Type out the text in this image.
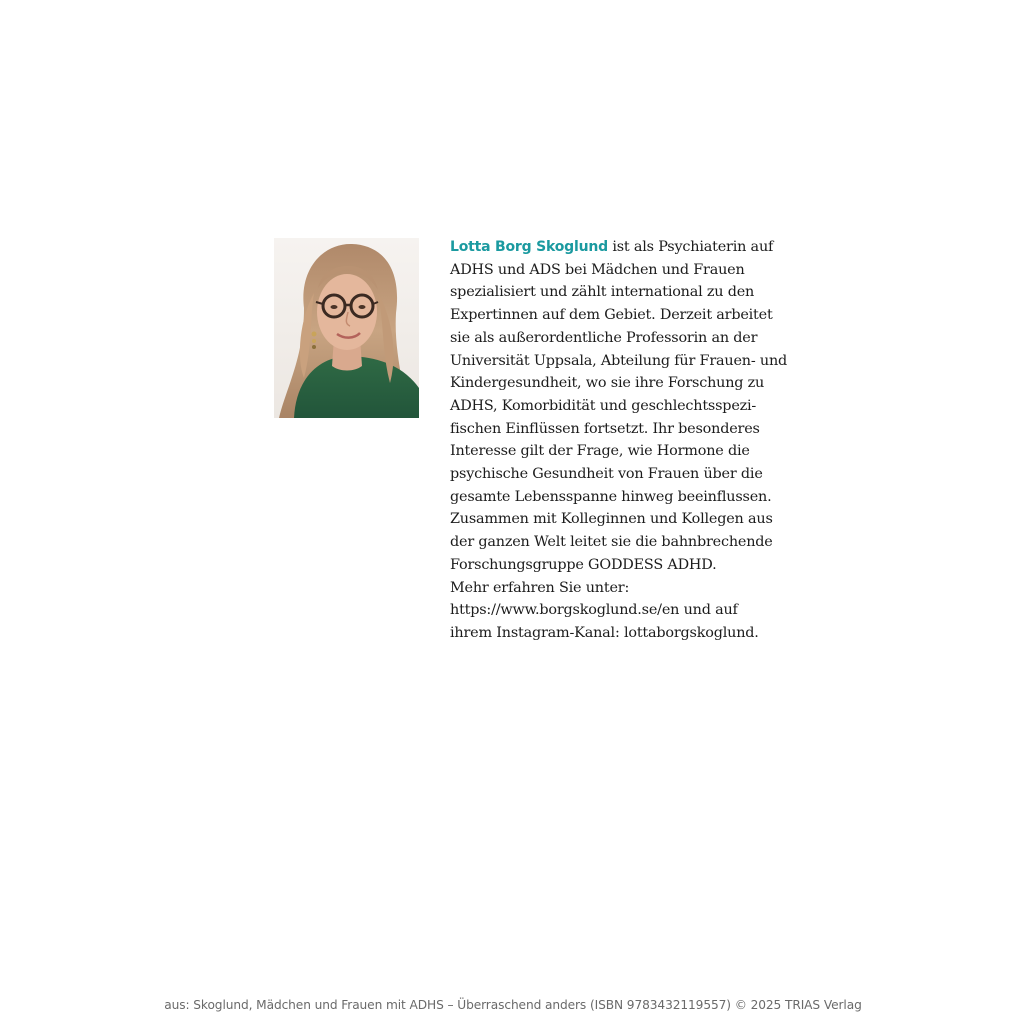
Lotta Borg Skoglund ist als Psychiaterin auf
ADHS und ADS bei Mädchen und Frauen
spezialisiert und zählt international zu den
Expertinnen auf dem Gebiet. Derzeit arbeitet
sie als außerordentliche Professorin an der
Universität Uppsala, Abteilung für Frauen- und
Kindergesundheit, wo sie ihre Forschung zu
ADHS, Komorbidität und geschlechtsspezi-
fischen Einflüssen fortsetzt. Ihr besonderes
Interesse gilt der Frage, wie Hormone die
psychische Gesundheit von Frauen über die
gesamte Lebensspanne hinweg beeinflussen.
Zusammen mit Kolleginnen und Kollegen aus
der ganzen Welt leitet sie die bahnbrechende
Forschungsgruppe GODDESS ADHD.
Mehr erfahren Sie unter:
https://www.borgskoglund.se/en und auf
ihrem Instagram-Kanal: lottaborgskoglund.
aus: Skoglund, Mädchen und Frauen mit ADHS – Überraschend anders (ISBN 9783432119557) © 2025 TRIAS Verlag
